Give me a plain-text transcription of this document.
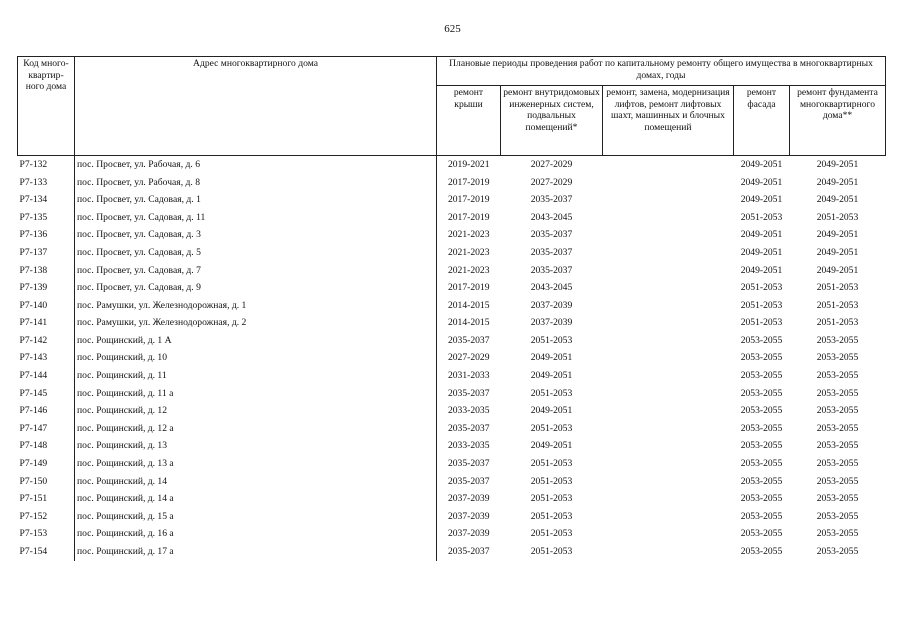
625
Код много-квартир-ного дома	Адрес многоквартирного дома	Плановые периоды проведения работ по капитальному ремонту общего имущества в многоквартирных домах, годы				
		ремонт крыши	ремонт внутридомовых инженерных систем, подвальных помещений*	ремонт, замена, модернизация лифтов, ремонт лифтовых шахт, машинных и блочных помещений	ремонт фасада	ремонт фундамента многоквартирного дома**
Р7-132	пос. Просвет, ул. Рабочая, д. 6	2019-2021	2027-2029		2049-2051	2049-2051
Р7-133	пос. Просвет, ул. Рабочая, д. 8	2017-2019	2027-2029		2049-2051	2049-2051
Р7-134	пос. Просвет, ул. Садовая, д. 1	2017-2019	2035-2037		2049-2051	2049-2051
Р7-135	пос. Просвет, ул. Садовая, д. 11	2017-2019	2043-2045		2051-2053	2051-2053
Р7-136	пос. Просвет, ул. Садовая, д. 3	2021-2023	2035-2037		2049-2051	2049-2051
Р7-137	пос. Просвет, ул. Садовая, д. 5	2021-2023	2035-2037		2049-2051	2049-2051
Р7-138	пос. Просвет, ул. Садовая, д. 7	2021-2023	2035-2037		2049-2051	2049-2051
Р7-139	пос. Просвет, ул. Садовая, д. 9	2017-2019	2043-2045		2051-2053	2051-2053
Р7-140	пос. Рамушки, ул. Железнодорожная, д. 1	2014-2015	2037-2039		2051-2053	2051-2053
Р7-141	пос. Рамушки, ул. Железнодорожная, д. 2	2014-2015	2037-2039		2051-2053	2051-2053
Р7-142	пос. Рощинский, д. 1 А	2035-2037	2051-2053		2053-2055	2053-2055
Р7-143	пос. Рощинский, д. 10	2027-2029	2049-2051		2053-2055	2053-2055
Р7-144	пос. Рощинский, д. 11	2031-2033	2049-2051		2053-2055	2053-2055
Р7-145	пос. Рощинский, д. 11 а	2035-2037	2051-2053		2053-2055	2053-2055
Р7-146	пос. Рощинский, д. 12	2033-2035	2049-2051		2053-2055	2053-2055
Р7-147	пос. Рощинский, д. 12 а	2035-2037	2051-2053		2053-2055	2053-2055
Р7-148	пос. Рощинский, д. 13	2033-2035	2049-2051		2053-2055	2053-2055
Р7-149	пос. Рощинский, д. 13 а	2035-2037	2051-2053		2053-2055	2053-2055
Р7-150	пос. Рощинский, д. 14	2035-2037	2051-2053		2053-2055	2053-2055
Р7-151	пос. Рощинский, д. 14 а	2037-2039	2051-2053		2053-2055	2053-2055
Р7-152	пос. Рощинский, д. 15 а	2037-2039	2051-2053		2053-2055	2053-2055
Р7-153	пос. Рощинский, д. 16 а	2037-2039	2051-2053		2053-2055	2053-2055
Р7-154	пос. Рощинский, д. 17 а	2035-2037	2051-2053		2053-2055	2053-2055
